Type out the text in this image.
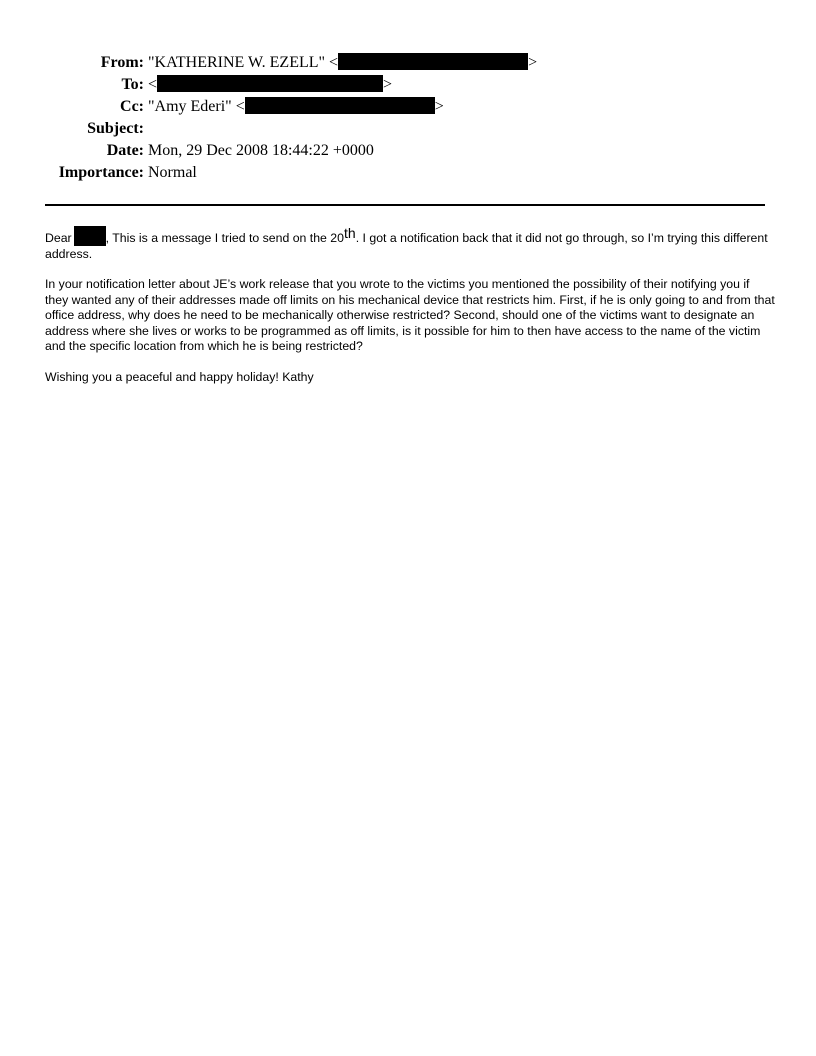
From: "KATHERINE W. EZELL" <	>
To: <	>
Cc: "Amy Ederi" <	>
Subject:
Date: Mon, 29 Dec 2008 18:44:22 +0000
Importance: Normal

Dear	, This is a message I tried to send on the 20th. I got a notification back that it did not go through, so I’m trying this different address.

In your notification letter about JE’s work release that you wrote to the victims you mentioned the possibility of their notifying you if they wanted any of their addresses made off limits on his mechanical device that restricts him. First, if he is only going to and from that office address, why does he need to be mechanically otherwise restricted? Second, should one of the victims want to designate an address where she lives or works to be programmed as off limits, is it possible for him to then have access to the name of the victim and the specific location from which he is being restricted?

Wishing you a peaceful and happy holiday! Kathy
